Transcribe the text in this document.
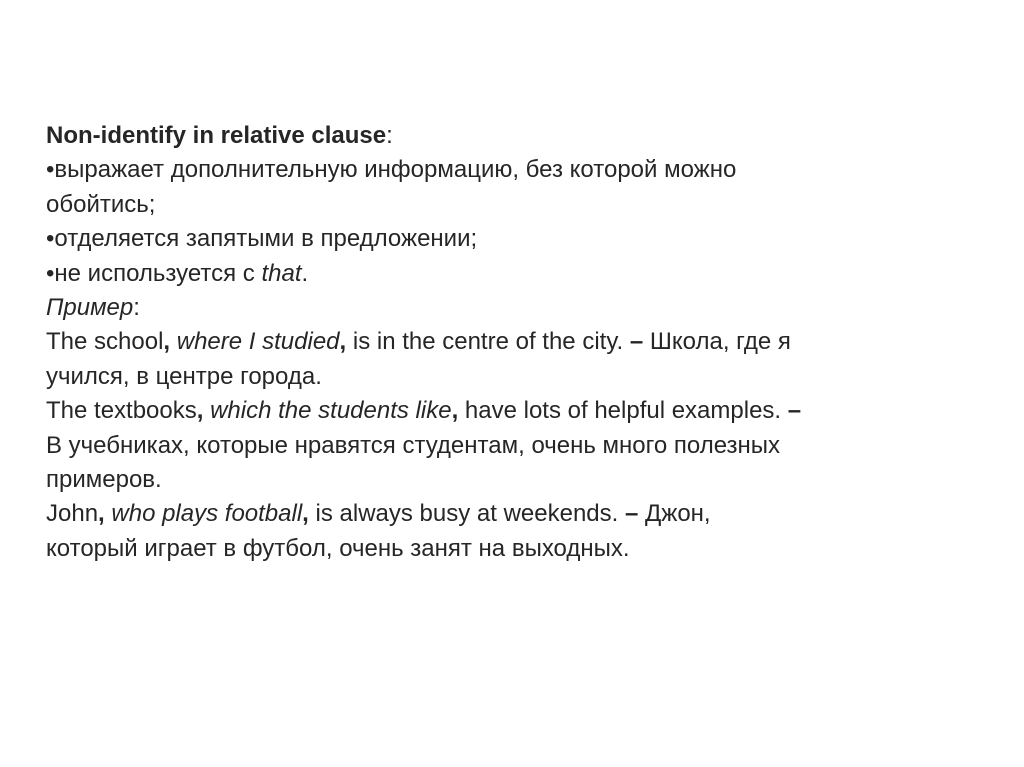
Non-identify in relative clause:
•выражает дополнительную информацию, без которой можно
обойтись;
•отделяется запятыми в предложении;
•не используется с that.
Пример:
The school, where I studied, is in the centre of the city. – Школа, где я
учился, в центре города.
The textbooks, which the students like, have lots of helpful examples. –
В учебниках, которые нравятся студентам, очень много полезных
примеров.
John, who plays football, is always busy at weekends. – Джон,
который играет в футбол, очень занят на выходных.
